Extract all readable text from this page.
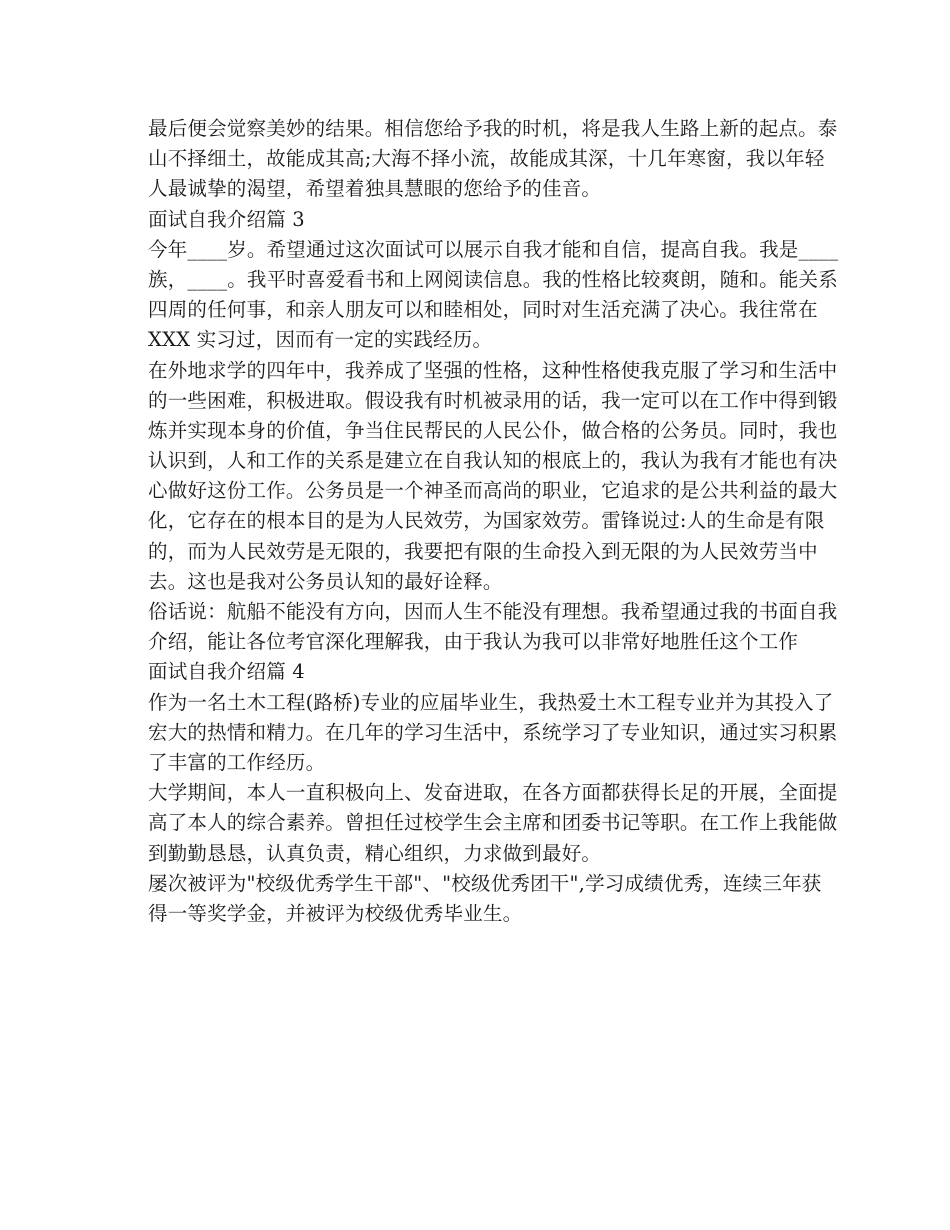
最后便会觉察美妙的结果。相信您给予我的时机，将是我人生路上新的起点。泰
山不择细土，故能成其高;大海不择小流，故能成其深，十几年寒窗，我以年轻
人最诚挚的渴望，希望着独具慧眼的您给予的佳音。
面试自我介绍篇 3
今年____岁。希望通过这次面试可以展示自我才能和自信，提高自我。我是____
族，____。我平时喜爱看书和上网阅读信息。我的性格比较爽朗，随和。能关系
四周的任何事，和亲人朋友可以和睦相处，同时对生活充满了决心。我往常在
XXX 实习过，因而有一定的实践经历。
在外地求学的四年中，我养成了坚强的性格，这种性格使我克服了学习和生活中
的一些困难，积极进取。假设我有时机被录用的话，我一定可以在工作中得到锻
炼并实现本身的价值，争当住民帮民的人民公仆，做合格的公务员。同时，我也
认识到，人和工作的关系是建立在自我认知的根底上的，我认为我有才能也有决
心做好这份工作。公务员是一个神圣而高尚的职业，它追求的是公共利益的最大
化，它存在的根本目的是为人民效劳，为国家效劳。雷锋说过:人的生命是有限
的，而为人民效劳是无限的，我要把有限的生命投入到无限的为人民效劳当中
去。这也是我对公务员认知的最好诠释。
俗话说：航船不能没有方向，因而人生不能没有理想。我希望通过我的书面自我
介绍，能让各位考官深化理解我，由于我认为我可以非常好地胜任这个工作
面试自我介绍篇 4
作为一名土木工程(路桥)专业的应届毕业生，我热爱土木工程专业并为其投入了
宏大的热情和精力。在几年的学习生活中，系统学习了专业知识，通过实习积累
了丰富的工作经历。
大学期间，本人一直积极向上、发奋进取，在各方面都获得长足的开展，全面提
高了本人的综合素养。曾担任过校学生会主席和团委书记等职。在工作上我能做
到勤勤恳恳，认真负责，精心组织，力求做到最好。
屡次被评为"校级优秀学生干部"、"校级优秀团干",学习成绩优秀，连续三年获
得一等奖学金，并被评为校级优秀毕业生。
